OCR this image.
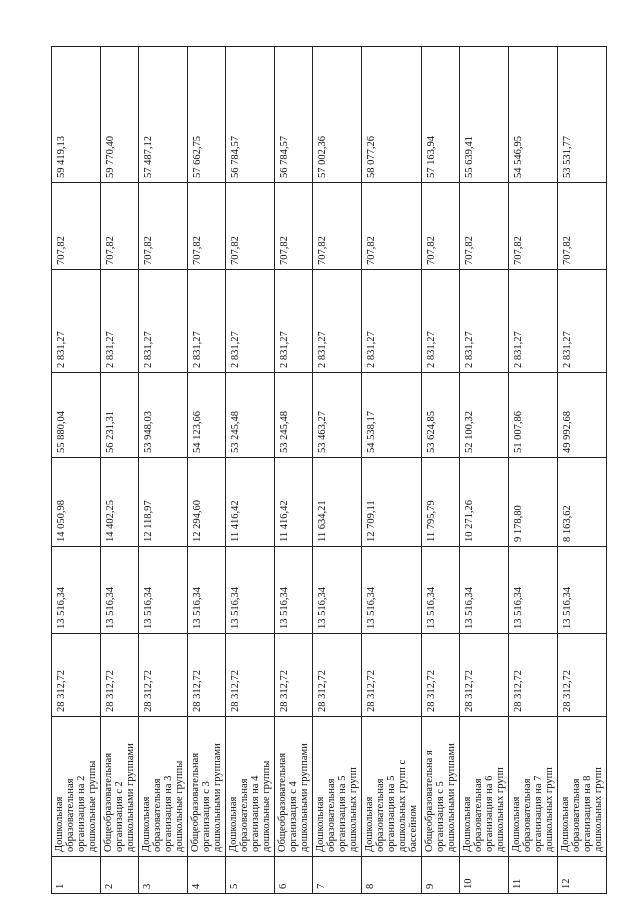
1	Дошкольная образовательная организация на 2 дошкольные группы	28 312,72	13 516,34	14 050,98	55 880,04	2 831,27	707,82	59 419,13
2	Общеобразовательная организация с 2 дошкольными группами	28 312,72	13 516,34	14 402,25	56 231,31	2 831,27	707,82	59 770,40
3	Дошкольная образовательная организация на 3 дошкольные группы	28 312,72	13 516,34	12 118,97	53 948,03	2 831,27	707,82	57 487,12
4	Общеобразовательная организация с 3 дошкольными группами	28 312,72	13 516,34	12 294,60	54 123,66	2 831,27	707,82	57 662,75
5	Дошкольная образовательная организация на 4 дошкольные группы	28 312,72	13 516,34	11 416,42	53 245,48	2 831,27	707,82	56 784,57
6	Общеобразовательная организация с 4 дошкольными группами	28 312,72	13 516,34	11 416,42	53 245,48	2 831,27	707,82	56 784,57
7	Дошкольная образовательная организация на 5 дошкольных групп	28 312,72	13 516,34	11 634,21	53 463,27	2 831,27	707,82	57 002,36
8	Дошкольная образовательная организация на 5 дошкольных групп с бассейном	28 312,72	13 516,34	12 709,11	54 538,17	2 831,27	707,82	58 077,26
9	Общеобразовательна я организация с 5 дошкольными группами	28 312,72	13 516,34	11 795,79	53 624,85	2 831,27	707,82	57 163,94
10	Дошкольная образовательная организация на 6 дошкольных групп	28 312,72	13 516,34	10 271,26	52 100,32	2 831,27	707,82	55 639,41
11	Дошкольная образовательная организация на 7 дошкольных групп	28 312,72	13 516,34	9 178,80	51 007,86	2 831,27	707,82	54 546,95
12	Дошкольная образовательная организация на 8 дошкольных групп	28 312,72	13 516,34	8 163,62	49 992,68	2 831,27	707,82	53 531,77
